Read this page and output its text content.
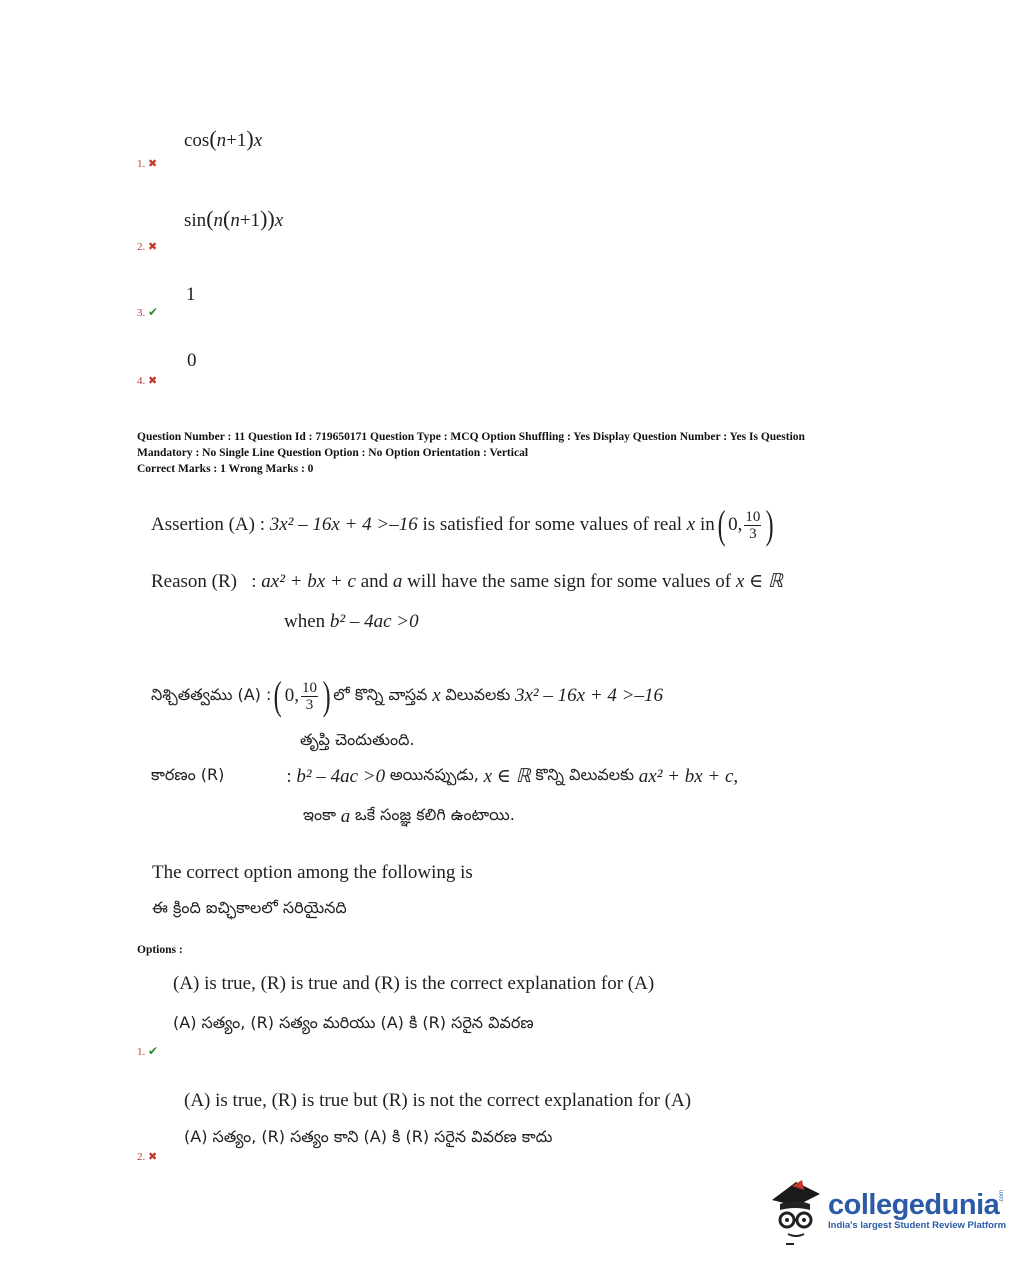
cos(n+1)x
1. ✖
sin(n(n+1))x
2. ✖
1
3. ✔
0
4. ✖
Question Number : 11 Question Id : 719650171 Question Type : MCQ Option Shuffling : Yes Display Question Number : Yes Is Question
Mandatory : No Single Line Question Option : No Option Orientation : Vertical
Correct Marks : 1 Wrong Marks : 0
Assertion (A) :
3x² – 16x + 4 >–16
is satisfied for some values of real
x
in ( 0, $\frac{10}{3}$ )
Reason (R)
:
ax² + bx + c
and
a
will have the same sign for some values of
x ∈ ℝ
when
b² – 4ac >0
నిశ్చితత్వము (A) : ( 0, $\frac{10}{3}$ ) లో కొన్ని వాస్తవ
x
విలువలకు
3x² – 16x + 4 >–16
తృప్తి చెందుతుంది.
కారణం (R)	:
b² – 4ac >0
అయినప్పుడు,
x ∈ ℝ
కొన్ని విలువలకు
ax² + bx + c,
ఇంకా
a
ఒకే సంజ్ఞ కలిగి ఉంటాయి.
The correct option among the following is
ఈ క్రింది ఐచ్ఛికాలలో సరియైనది
Options :
(A) is true, (R) is true and (R) is the correct explanation for (A)
(A) సత్యం, (R) సత్యం మరియు (A) కి (R) సరైన వివరణ
1. ✔
(A) is true, (R) is true but (R) is not the correct explanation for (A)
(A) సత్యం, (R) సత్యం కాని (A) కి (R) సరైన వివరణ కాదు
2. ✖
collegedunia .com
India's largest Student Review Platform
